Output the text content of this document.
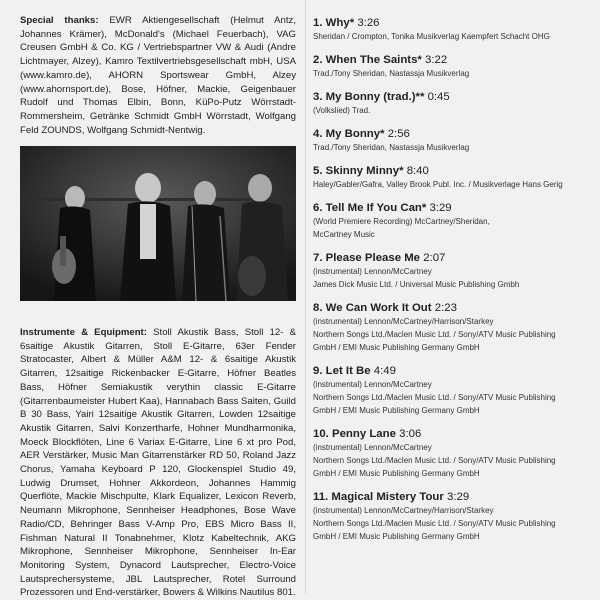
Special thanks: EWR Aktiengesellschaft (Helmut Antz, Johannes Krämer), McDonald's (Michael Feuerbach), VAG Creusen GmbH & Co. KG / Vertriebspartner VW & Audi (Andre Lichtmayer, Alzey), Kamro Textilvertriebsgesellschaft mbH, USA (www.kamro.de), AHORN Sportswear GmbH, Alzey (www.ahornsport.de), Bose, Höfner, Mackie, Geigenbauer Rudolf und Thomas Elbin, Bonn, KüPo-Putz Wörrstadt-Rommersheim, Getränke Schmidt GmbH Wörrstadt, Wolfgang Feld ZOUNDS, Wolfgang Schmidt-Nentwig.

Instrumente & Equipment: Stoll Akustik Bass, Stoll 12- & 6saitige Akustik Gitarren, Stoll E-Gitarre, 63er Fender Stratocaster, Albert & Müller A&M 12- & 6saitige Akustik Gitarren, 12saitige Rickenbacker E-Gitarre, Höfner Beatles Bass, Höfner Semiakustik verythin classic E-Gitarre (Gitarrenbaumeister Hubert Kaa), Hannabach Bass Saiten, Guild B 30 Bass, Yairi 12saitige Akustik Gitarren, Lowden 12saitige Akustik Gitarren, Salvi Konzertharfe, Hohner Mundharmonika, Moeck Blockflöten, Line 6 Variax E-Gitarre, Line 6 xt pro Pod, AER Verstärker, Music Man Gitarrenstärker RD 50, Roland Jazz Chorus, Yamaha Keyboard P 120, Glockenspiel Studio 49, Ludwig Drumset, Hohner Akkordeon, Johannes Hammig Querflöte, Mackie Mischpulte, Klark Equalizer, Lexicon Reverb, Neumann Mikrophone, Sennheiser Headphones, Bose Wave Radio/CD, Behringer Bass V-Amp Pro, EBS Micro Bass II, Fishman Natural II Tonabnehmer, Klotz Kabeltechnik, AKG Mikrophone, Sennheiser Mikrophone, Sennheiser In-Ear Monitoring System, Dynacord Lautsprecher, Electro-Voice Lautsprechersysteme, JBL Lautsprecher, Rotel Surround Prozessoren und End-verstärker, Bowers & Wilkins Nautilus 801.

1. Why* 3:26
Sheridan / Crompton, Tonika Musikverlag Kaempfert Schacht OHG
2. When The Saints* 3:22
Trad./Tony Sheridan, Nastassja Musikverlag
3. My Bonny (trad.)** 0:45
(Volkslied) Trad.
4. My Bonny* 2:56
Trad./Tony Sheridan, Nastassja Musikverlag
5. Skinny Minny* 8:40
Haley/Gabler/Gafra, Valley Brook Publ. Inc. / Musikverlage Hans Gerig
6. Tell Me If You Can* 3:29
(World Premiere Recording) McCartney/Sheridan,
McCartney Music
7. Please Please Me 2:07
(instrumental) Lennon/McCartney
James Dick Music Ltd. / Universal Music Publishing Gmbh
8. We Can Work It Out 2:23
(instrumental) Lennon/McCartney/Harrison/Starkey
Northern Songs Ltd./Maclen Music Ltd. / Sony/ATV Music Publishing
GmbH / EMI Music Publishing Germany GmbH
9. Let It Be 4:49
(instrumental) Lennon/McCartney
Northern Songs Ltd./Maclen Music Ltd. / Sony/ATV Music Publishing
GmbH / EMI Music Publishing Germany GmbH
10. Penny Lane 3:06
(instrumental) Lennon/McCartney
Northern Songs Ltd./Maclen Music Ltd. / Sony/ATV Music Publishing
GmbH / EMI Music Publishing Germany GmbH
11. Magical Mistery Tour 3:29
(instrumental) Lennon/McCartney/Harrison/Starkey
Northern Songs Ltd./Maclen Music Ltd. / Sony/ATV Music Publishing
GmbH / EMI Music Publishing Germany GmbH
